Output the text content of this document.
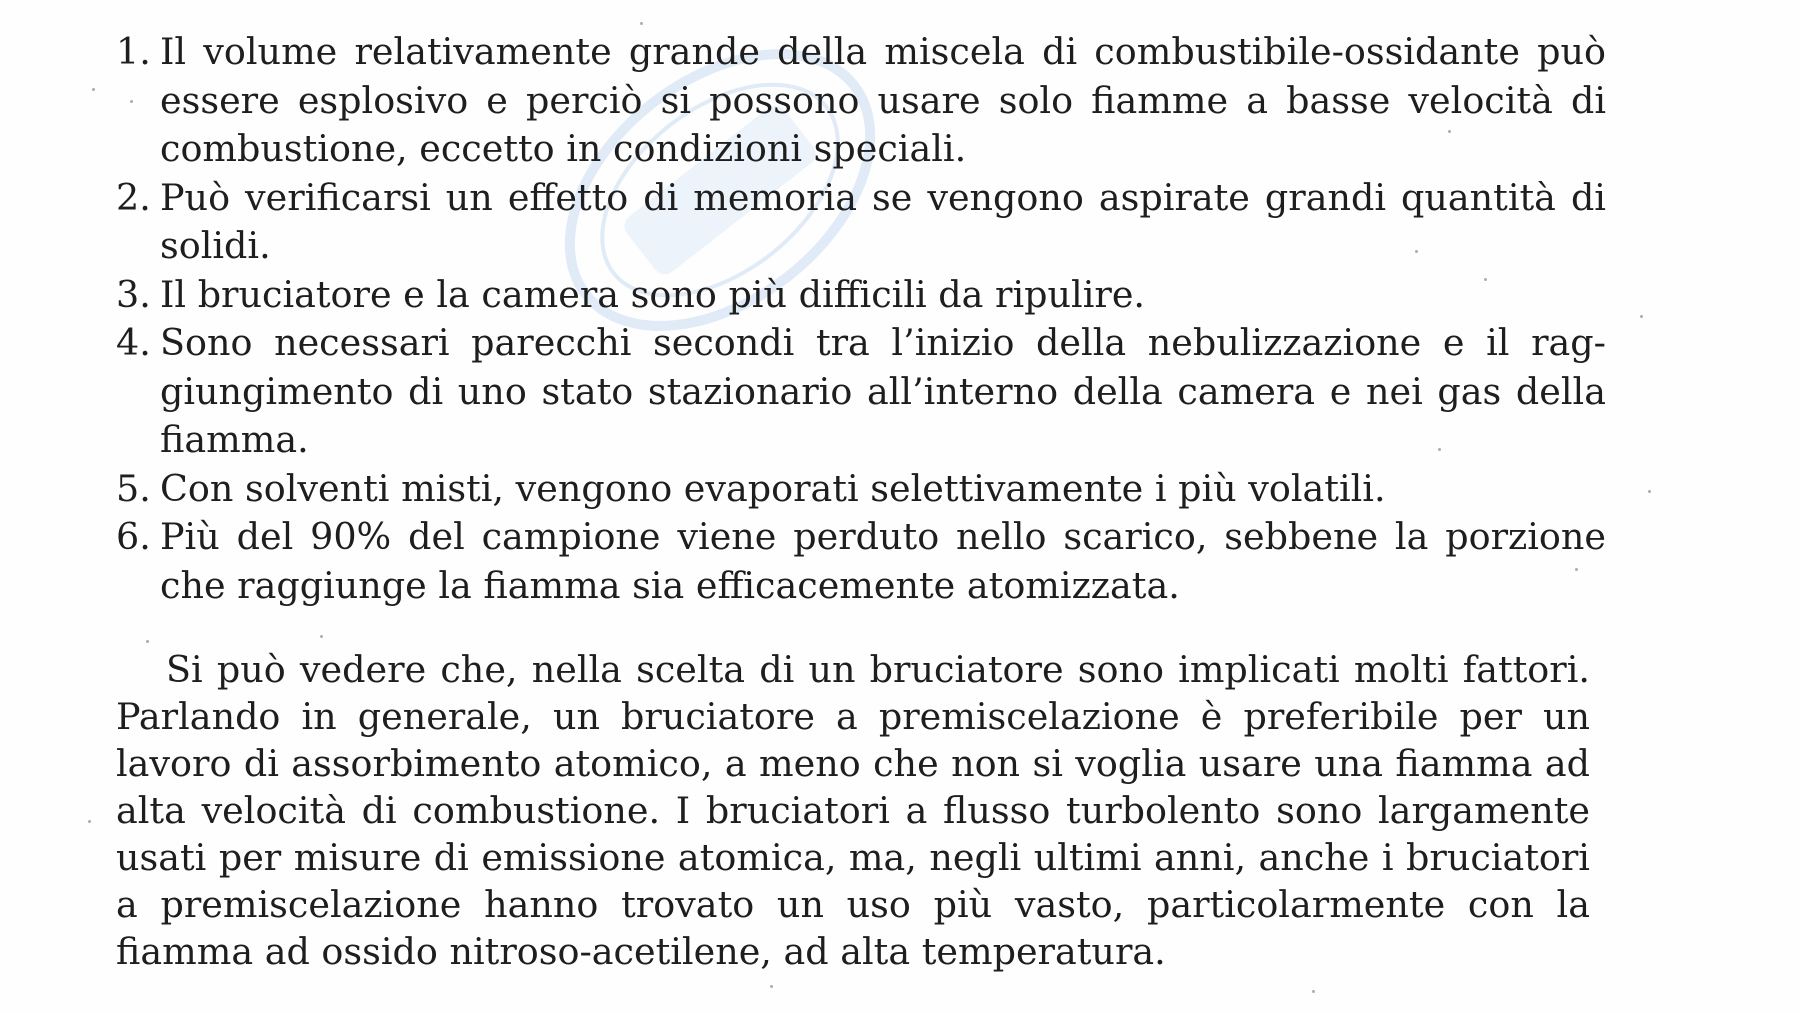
1. Il volume relativamente grande della miscela di combustibile-ossidante può essere esplosivo e perciò si possono usare solo fiamme a basse velocità di combustione, eccetto in condizioni speciali.
2. Può verificarsi un effetto di memoria se vengono aspirate grandi quantità di solidi.
3. Il bruciatore e la camera sono più difficili da ripulire.
4. Sono necessari parecchi secondi tra l’inizio della nebulizzazione e il raggiungimento di uno stato stazionario all’interno della camera e nei gas della fiamma.
5. Con solventi misti, vengono evaporati selettivamente i più volatili.
6. Più del 90% del campione viene perduto nello scarico, sebbene la porzione che raggiunge la fiamma sia efficacemente atomizzata.

Si può vedere che, nella scelta di un bruciatore sono implicati molti fattori. Parlando in generale, un bruciatore a premiscelazione è preferibile per un lavoro di assorbimento atomico, a meno che non si voglia usare una fiamma ad alta velocità di combustione. I bruciatori a flusso turbolento sono largamente usati per misure di emissione atomica, ma, negli ultimi anni, anche i bruciatori a premiscelazione hanno trovato un uso più vasto, particolarmente con la fiamma ad ossido nitroso-acetilene, ad alta temperatura.
